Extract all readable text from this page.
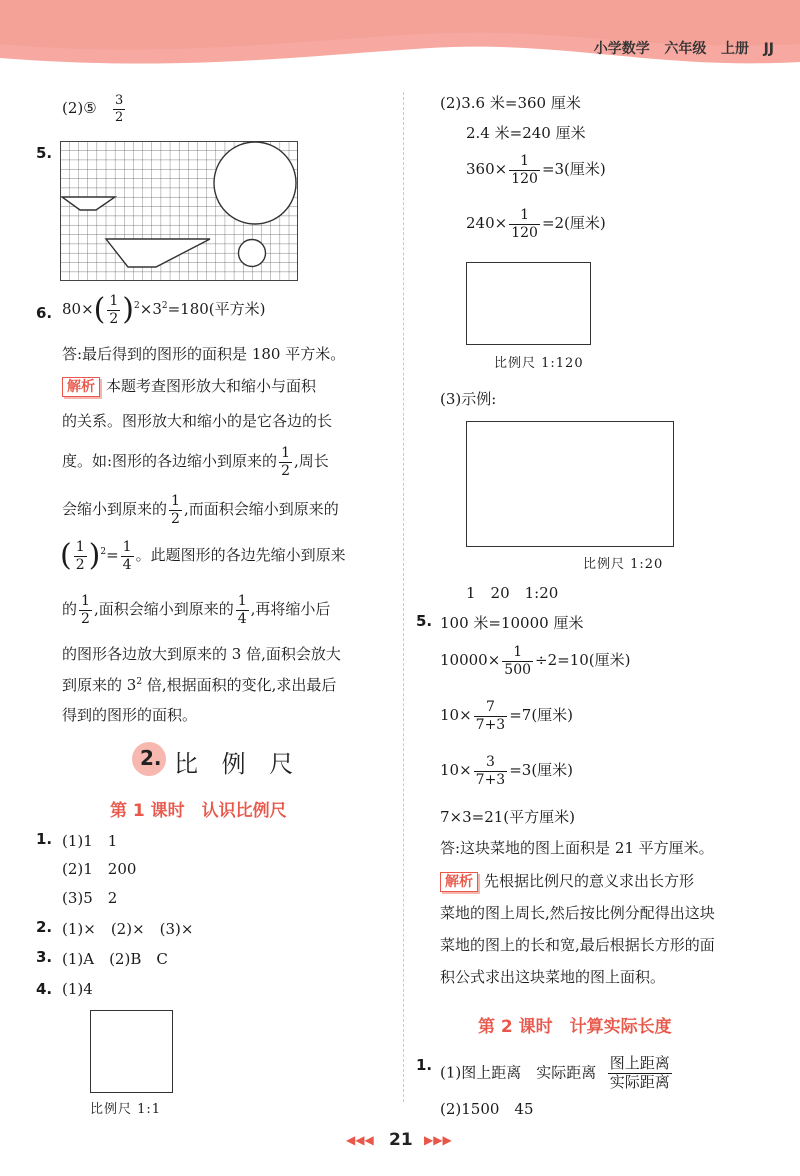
小学数学 六年级 上册 JJ
(2)⑤ $\frac{3}{2}$
5.
6. $80\times( \frac{1}{2} )^2\times 3^2=180$(平方米)
答:最后得到的图形的面积是 180 平方米。
解析 本题考查图形放大和缩小与面积
的关系。图形放大和缩小的是它各边的长
度。如:图形的各边缩小到原来的 $\frac{1}{2}$ ,周长
会缩小到原来的 $\frac{1}{2}$ ,而面积会缩小到原来的
( $\frac{1}{2} )^2= \frac{1}{4}$ 。此题图形的各边先缩小到原来
的 $\frac{1}{2}$ ,面积会缩小到原来的 $\frac{1}{4}$ ,再将缩小后
的图形各边放大到原来的 3 倍,面积会放大
到原来的 $3^2$ 倍,根据面积的变化,求出最后
得到的图形的面积。
2. 比 例 尺
第 1 课时　认识比例尺
1. (1)1　1
(2)1　200
(3)5　2
2. (1)×　(2)×　(3)×
3. (1)A　(2)B　C
4. (1)4
比例尺 1:1
(2)3.6 米=360 厘米
2.4 米=240 厘米
$360\times \frac{1}{120} =3$(厘米)
$240\times \frac{1}{120} =2$(厘米)
比例尺 1:120
(3)示例:
比例尺 1:20
1　20　1:20
5. 100 米=10000 厘米
$10000\times \frac{1}{500} \div 2=10$(厘米)
$10\times \frac{7}{7+3} =7$(厘米)
$10\times \frac{3}{7+3} =3$(厘米)
7×3=21(平方厘米)
答:这块菜地的图上面积是 21 平方厘米。
解析 先根据比例尺的意义求出长方形
菜地的图上周长,然后按比例分配得出这块
菜地的图上的长和宽,最后根据长方形的面
积公式求出这块菜地的图上面积。
第 2 课时　计算实际长度
1. (1)图上距离　实际距离 $\frac{\text{图上距离}}{\text{实际距离}}$
(2)1500　45
◀◀◀ 21 ▶▶▶
